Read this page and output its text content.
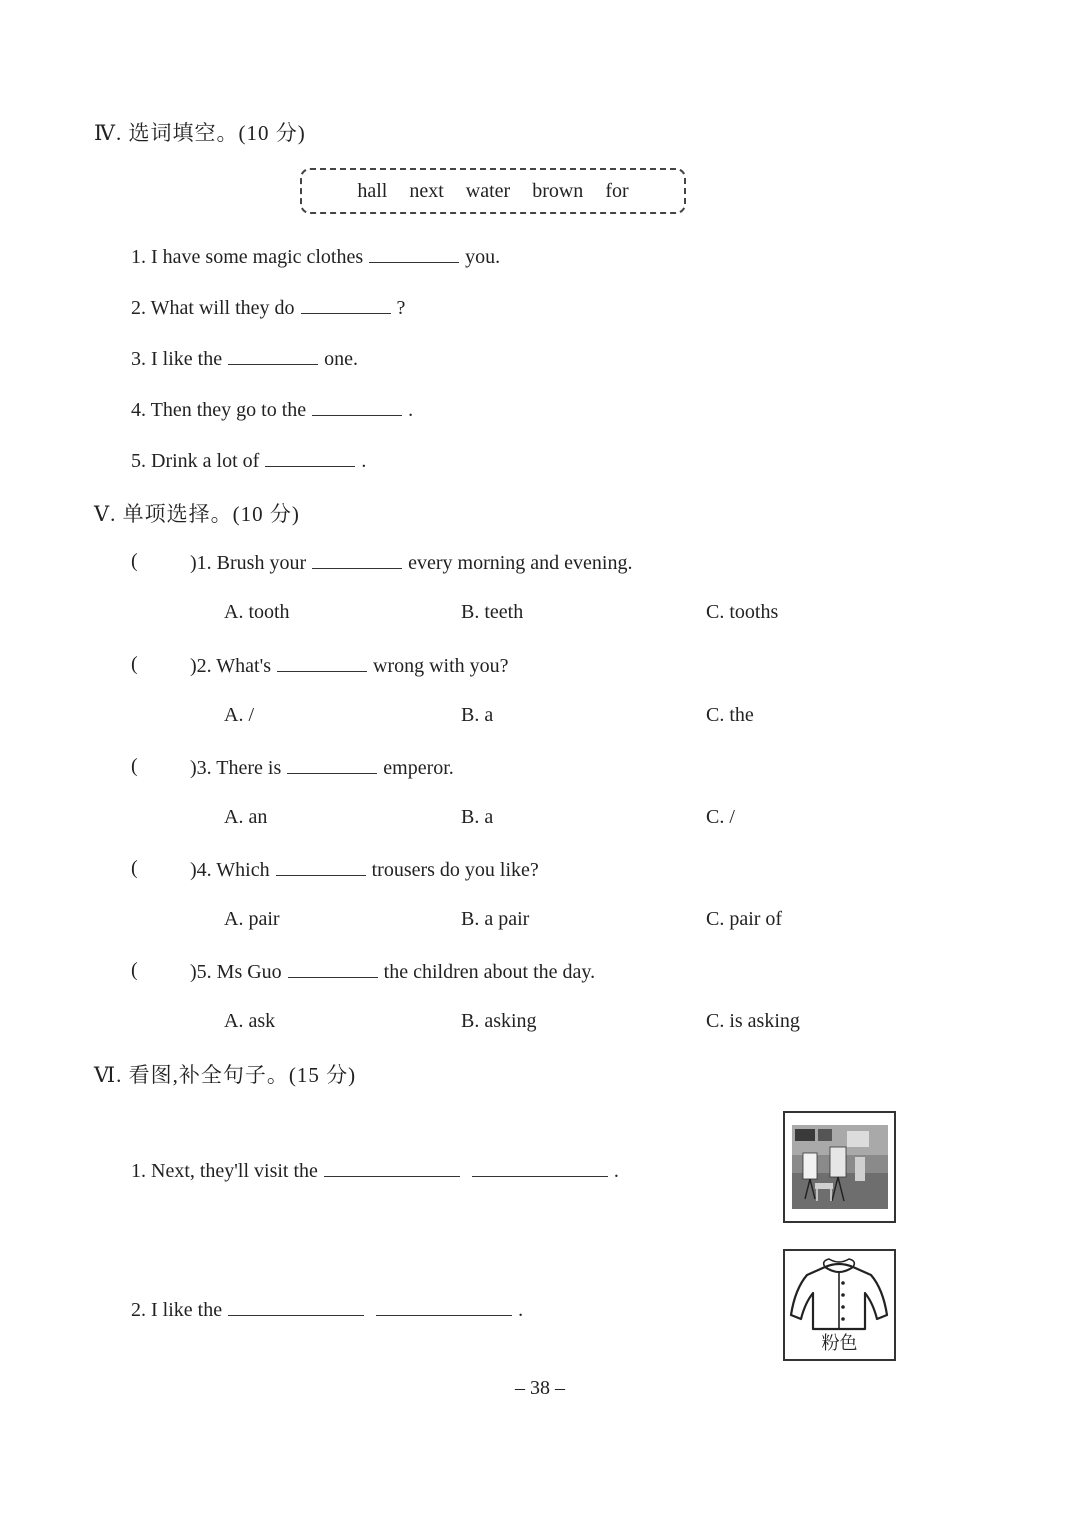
Ⅳ. 选词填空。(10 分)
hall next water brown for
1. I have some magic clothes	you.
2. What will they do	?
3. I like the	one.
4. Then they go to the	.
5. Drink a lot of	.
Ⅴ. 单项选择。(10 分)
(	)1. Brush your	every morning and evening.
A. tooth	B. teeth	C. tooths
(	)2. What's	wrong with you?
A. /	B. a	C. the
(	)3. There is	emperor.
A. an	B. a	C. /
(	)4. Which	trousers do you like?
A. pair	B. a pair	C. pair of
(	)5. Ms Guo	the children about the day.
A. ask	B. asking	C. is asking
Ⅵ. 看图,补全句子。(15 分)
1. Next, they'll visit the	.
2. I like the	.
粉色
– 38 –
